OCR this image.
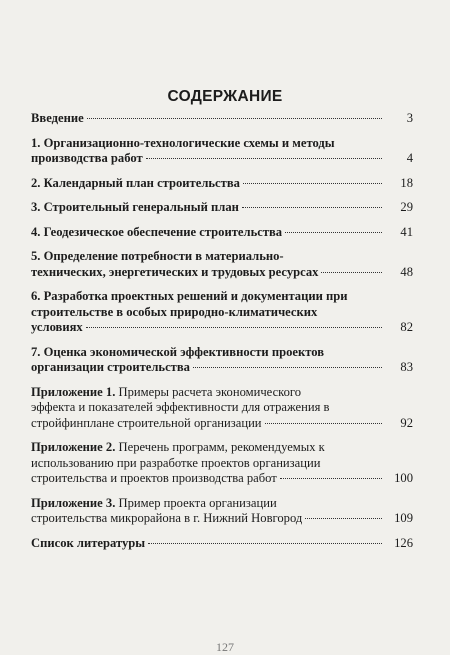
СОДЕРЖАНИЕ
Введение	3
1. Организационно-технологические схемы и методы

производства работ	4
2. Календарный план строительства	18
3. Строительный генеральный план	29
4. Геодезическое обеспечение строительства	41
5. Определение потребности в материально-

технических, энергетических и трудовых ресурсах	48
6. Разработка проектных решений и документации при
строительстве в особых природно-климатических

условиях	82
7. Оценка экономической эффективности проектов

организации строительства	83
Приложение 1. Примеры расчета экономического
эффекта и показателей эффективности для отражения в

стройфинплане строительной организации	92
Приложение 2. Перечень программ, рекомендуемых к
использованию при разработке проектов организации

строительства и проектов производства работ	100
Приложение 3. Пример проекта организации

строительства микрорайона в г. Нижний Новгород	109
Список литературы	126
127
